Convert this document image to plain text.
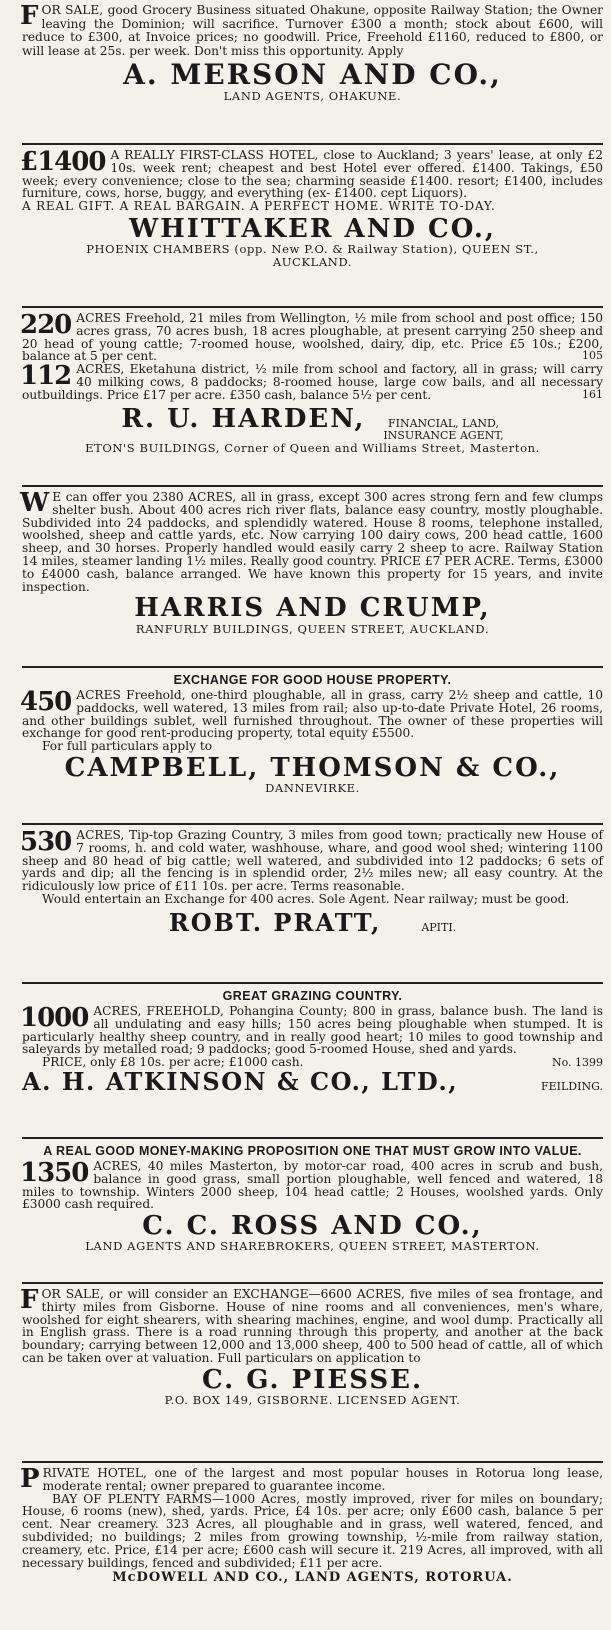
FOR SALE, good Grocery Business situated Ohakune, opposite Railway Station; the Owner leaving the Dominion; will sacrifice. Turnover £300 a month; stock about £600, will reduce to £300, at Invoice prices; no goodwill. Price, Freehold £1160, reduced to £800, or will lease at 25s. per week. Don't miss this opportunity. Apply

A. MERSON AND CO.,

LAND AGENTS, OHAKUNE.

£1400 A REALLY FIRST-CLASS HOTEL, close to Auckland; 3 years' lease, at only £2 10s. week rent; cheapest and best Hotel ever offered. £1400. Takings, £50 week; every convenience; close to the sea; charming seaside £1400. resort; £1400, includes furniture, cows, horse, buggy, and everything (ex- £1400. cept Liquors).

A REAL GIFT. A REAL BARGAIN. A PERFECT HOME. WRITE TO-DAY.

WHITTAKER AND CO.,

PHOENIX CHAMBERS (opp. New P.O. & Railway Station), QUEEN ST.,

AUCKLAND.

220 ACRES Freehold, 21 miles from Wellington, ½ mile from school and post office; 150 acres grass, 70 acres bush, 18 acres ploughable, at present carrying 250 sheep and 20 head of young cattle; 7-roomed house, woolshed, dairy, dip, etc. Price £5 10s.; £200, balance at 5 per cent.	105

112 ACRES, Eketahuna district, ½ mile from school and factory, all in grass; will carry 40 milking cows, 8 paddocks; 8-roomed house, large cow bails, and all necessary outbuildings. Price £17 per acre. £350 cash, balance 5½ per cent.	161

R. U. HARDEN,	FINANCIAL, LAND,
INSURANCE AGENT,

ETON'S BUILDINGS, Corner of Queen and Williams Street, Masterton.

W E can offer you 2380 ACRES, all in grass, except 300 acres strong fern and few clumps shelter bush. About 400 acres rich river flats, balance easy country, mostly ploughable. Subdivided into 24 paddocks, and splendidly watered. House 8 rooms, telephone installed, woolshed, sheep and cattle yards, etc. Now carrying 100 dairy cows, 200 head cattle, 1600 sheep, and 30 horses. Properly handled would easily carry 2 sheep to acre. Railway Station 14 miles, steamer landing 1½ miles. Really good country. PRICE £7 PER ACRE. Terms, £3000 to £4000 cash, balance arranged. We have known this property for 15 years, and invite inspection.

HARRIS AND CRUMP,

RANFURLY BUILDINGS, QUEEN STREET, AUCKLAND.

EXCHANGE FOR GOOD HOUSE PROPERTY.

450 ACRES Freehold, one-third ploughable, all in grass, carry 2½ sheep and cattle, 10 paddocks, well watered, 13 miles from rail; also up-to-date Private Hotel, 26 rooms, and other buildings sublet, well furnished throughout. The owner of these properties will exchange for good rent-producing property, total equity £5500.

For full particulars apply to

CAMPBELL, THOMSON & CO.,

DANNEVIRKE.

530 ACRES, Tip-top Grazing Country, 3 miles from good town; practically new House of 7 rooms, h. and cold water, washhouse, whare, and good wool shed; wintering 1100 sheep and 80 head of big cattle; well watered, and subdivided into 12 paddocks; 6 sets of yards and dip; all the fencing is in splendid order, 2½ miles new; all easy country. At the ridiculously low price of £11 10s. per acre. Terms reasonable.

Would entertain an Exchange for 400 acres. Sole Agent. Near railway; must be good.

ROBT. PRATT,	APITI.
GREAT GRAZING COUNTRY.

1000 ACRES, FREEHOLD, Pohangina County; 800 in grass, balance bush. The land is all undulating and easy hills; 150 acres being ploughable when stumped. It is particularly healthy sheep country, and in really good heart; 10 miles to good township and saleyards by metalled road; 9 paddocks; good 5-roomed House, shed and yards.

PRICE, only £8 10s. per acre; £1000 cash.	No. 1399

A. H. ATKINSON & CO., LTD.,	FEILDING.
A REAL GOOD MONEY-MAKING PROPOSITION ONE THAT MUST GROW INTO VALUE.

1350 ACRES, 40 miles Masterton, by motor-car road, 400 acres in scrub and bush, balance in good grass, small portion ploughable, well fenced and watered, 18 miles to township. Winters 2000 sheep, 104 head cattle; 2 Houses, woolshed yards. Only £3000 cash required.

C. C. ROSS AND CO.,

LAND AGENTS AND SHAREBROKERS, QUEEN STREET, MASTERTON.

FOR SALE, or will consider an EXCHANGE—6600 ACRES, five miles of sea frontage, and thirty miles from Gisborne. House of nine rooms and all conveniences, men's whare, woolshed for eight shearers, with shearing machines, engine, and wool dump. Practically all in English grass. There is a road running through this property, and another at the back boundary; carrying between 12,000 and 13,000 sheep, 400 to 500 head of cattle, all of which can be taken over at valuation. Full particulars on application to

C. G. PIESSE.

P.O. BOX 149, GISBORNE. LICENSED AGENT.

PRIVATE HOTEL, one of the largest and most popular houses in Rotorua long lease, moderate rental; owner prepared to guarantee income.

BAY OF PLENTY FARMS—1000 Acres, mostly improved, river for miles on boundary; House, 6 rooms (new), shed, yards. Price, £4 10s. per acre; only £600 cash, balance 5 per cent. Near creamery. 323 Acres, all ploughable and in grass, well watered, fenced, and subdivided; no buildings; 2 miles from growing township, ½-mile from railway station, creamery, etc. Price, £14 per acre; £600 cash will secure it. 219 Acres, all improved, with all necessary buildings, fenced and subdivided; £11 per acre.

McDOWELL AND CO., LAND AGENTS, ROTORUA.
